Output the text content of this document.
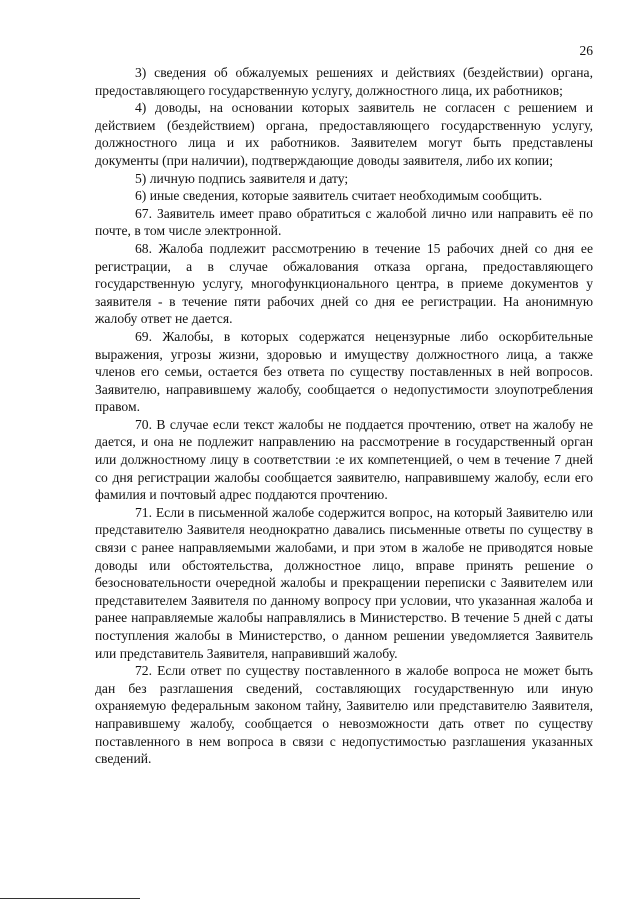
26

3) сведения об обжалуемых решениях и действиях (бездействии) органа, предоставляющего государственную услугу, должностного лица, их работников;

4) доводы, на основании которых заявитель не согласен с решением и действием (бездействием) органа, предоставляющего государственную услугу, должностного лица и их работников. Заявителем могут быть представлены документы (при наличии), подтверждающие доводы заявителя, либо их копии;

5) личную подпись заявителя и дату;

6) иные сведения, которые заявитель считает необходимым сообщить.

67. Заявитель имеет право обратиться с жалобой лично или направить её по почте, в том числе электронной.

68. Жалоба подлежит рассмотрению в течение 15 рабочих дней со дня ее регистрации, а в случае обжалования отказа органа, предоставляющего государственную услугу, многофункционального центра, в приеме документов у заявителя - в течение пяти рабочих дней со дня ее регистрации. На анонимную жалобу ответ не дается.

69. Жалобы, в которых содержатся нецензурные либо оскорбительные выражения, угрозы жизни, здоровью и имуществу должностного лица, а также членов его семьи, остается без ответа по существу поставленных в ней вопросов. Заявителю, направившему жалобу, сообщается о недопустимости злоупотребления правом.

70. В случае если текст жалобы не поддается прочтению, ответ на жалобу не дается, и она не подлежит направлению на рассмотрение в государственный орган или должностному лицу в соответствии :е их компетенцией, о чем в течение 7 дней со дня регистрации жалобы сообщается заявителю, направившему жалобу, если его фамилия и почтовый адрес поддаются прочтению.

71. Если в письменной жалобе содержится вопрос, на который Заявителю или представителю Заявителя неоднократно давались письменные ответы по существу в связи с ранее направляемыми жалобами, и при этом в жалобе не приводятся новые доводы или обстоятельства, должностное лицо, вправе принять решение о безосновательности очередной жалобы и прекращении переписки с Заявителем или представителем Заявителя по данному вопросу при условии, что указанная жалоба и ранее направляемые жалобы направлялись в Министерство. В течение 5 дней с даты поступления жалобы в Министерство, о данном решении уведомляется Заявитель или представитель Заявителя, направивший жалобу.

72. Если ответ по существу поставленного в жалобе вопроса не может быть дан без разглашения сведений, составляющих государственную или иную охраняемую федеральным законом тайну, Заявителю или представителю Заявителя, направившему жалобу, сообщается о невозможности дать ответ по существу поставленного в нем вопроса в связи с недопустимостью разглашения указанных сведений.
